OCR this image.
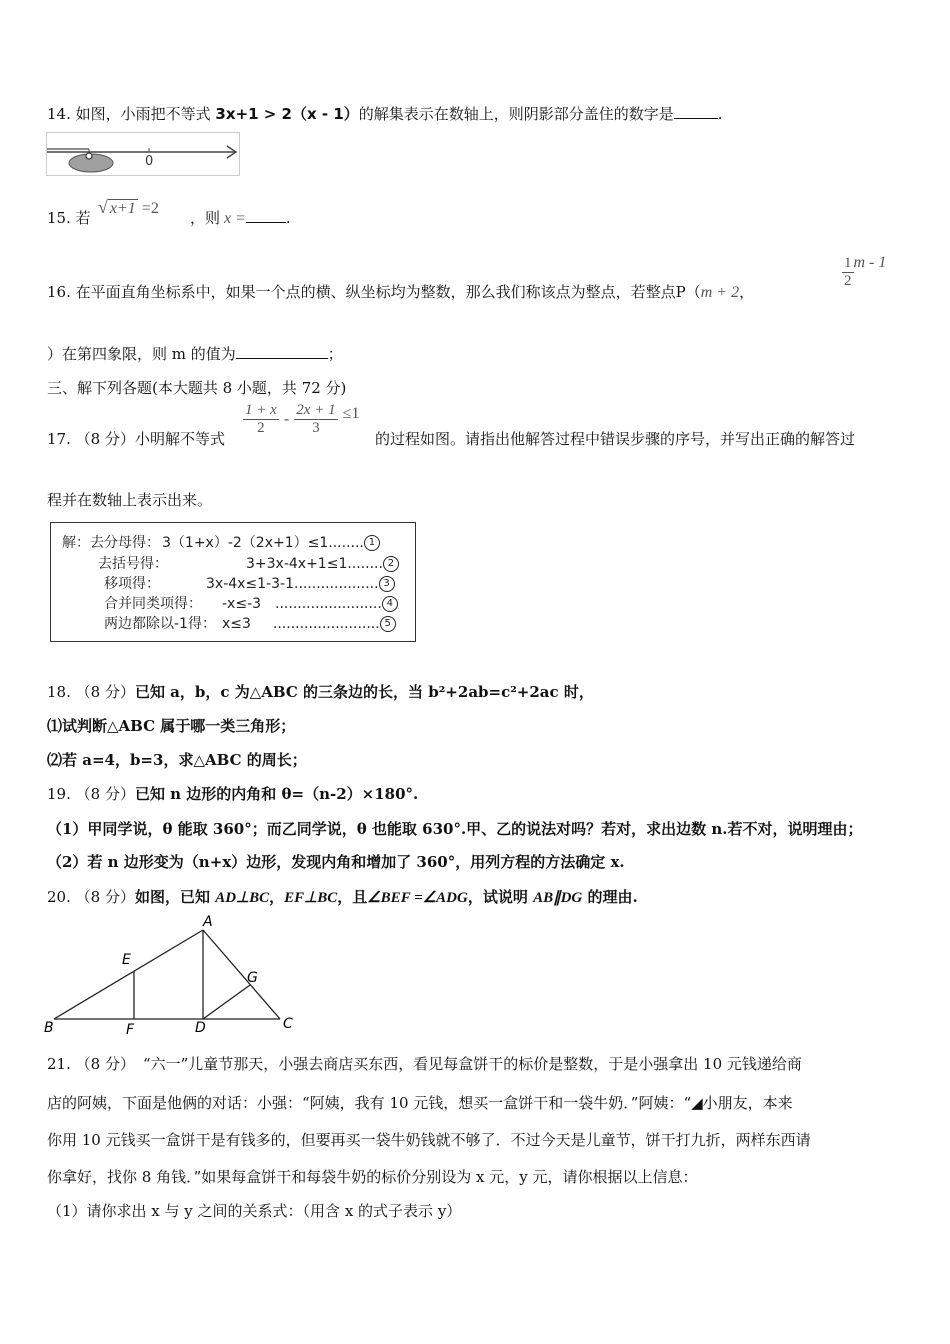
14. 如图，小雨把不等式 3x+1 > 2（x - 1）的解集表示在数轴上，则阴影部分盖住的数字是	.
0
15. 若
√ x+1 =2
，则 x =	.
16. 在平面直角坐标系中，如果一个点的横、纵坐标均为整数，那么我们称该点为整点，若整点P（m + 2，
$\frac{1}{2}$ m - 1
）在第四象限，则 m 的值为	；
三、解下列各题(本大题共 8 小题，共 72 分)
17. （8 分）小明解不等式
$\frac{1 + x}{2} - \frac{2x + 1}{3} \le 1$
的过程如图。请指出他解答过程中错误步骤的序号，并写出正确的解答过
程并在数轴上表示出来。
解：去分母得： 3（1+x）-2（2x+1）≤1........ 1
去括号得：	3+3x-4x+1≤1........ 2
移项得：	3x-4x≤1-3-1................... 3
合并同类项得： -x≤-3 ........................ 4
两边都除以-1得： x≤3 ........................ 5
18. （8 分）已知 a，b，c 为△ABC 的三条边的长，当 b²+2ab=c²+2ac 时，
⑴试判断△ABC 属于哪一类三角形；
⑵若 a=4，b=3，求△ABC 的周长；
19. （8 分）已知 n 边形的内角和 θ=（n-2）×180°.
（1）甲同学说，θ 能取 360°；而乙同学说，θ 也能取 630°.甲、乙的说法对吗？若对，求出边数 n.若不对，说明理由；
（2）若 n 边形变为（n+x）边形，发现内角和增加了 360°，用列方程的方法确定 x.
20. （8 分）如图，已知 AD⊥BC，EF⊥BC，且∠BEF =∠ADG，试说明 AB∥DG 的理由.
A
B	C
D
E
F
G
21. （8 分） “六一”儿童节那天，小强去商店买东西，看见每盒饼干的标价是整数，于是小强拿出 10 元钱递给商
店的阿姨，下面是他俩的对话：小强：“阿姨，我有 10 元钱，想买一盒饼干和一袋牛奶．”阿姨：“◢小朋友，本来
你用 10 元钱买一盒饼干是有钱多的，但要再买一袋牛奶钱就不够了．不过今天是儿童节，饼干打九折，两样东西请
你拿好，找你 8 角钱．”如果每盒饼干和每袋牛奶的标价分别设为 x 元，y 元，请你根据以上信息：
（1）请你求出 x 与 y 之间的关系式：（用含 x 的式子表示 y）
